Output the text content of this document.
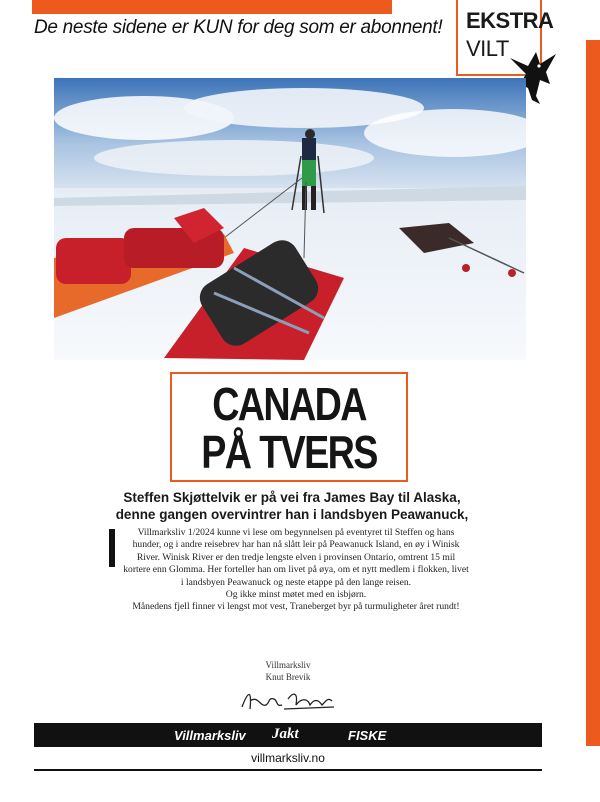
De neste sidene er KUN for deg som er abonnent!	EKSTRA
VILT
CANADA
PÅ TVERS
Steffen Skjøttelvik er på vei fra James Bay til Alaska,
denne gangen overvintrer han i landsbyen Peawanuck,
Villmarksliv 1/2024 kunne vi lese om begynnelsen på eventyret til Steffen og hans
hunder, og i andre reisebrev har han nå slått leir på Peawanuck Island, en øy i Winisk
River. Winisk River er den tredje lengste elven i provinsen Ontario, omtrent 15 mil
kortere enn Glomma. Her forteller han om livet på øya, om et nytt medlem i flokken, livet
i landsbyen Peawanuck og neste etappe på den lange reisen.
Og ikke minst møtet med en isbjørn.
Månedens fjell finner vi lengst mot vest, Traneberget byr på turmuligheter året rundt!
Villmarksliv
Knut Brevik
Villmarksliv Jakt	FISKE
villmarksliv.no
